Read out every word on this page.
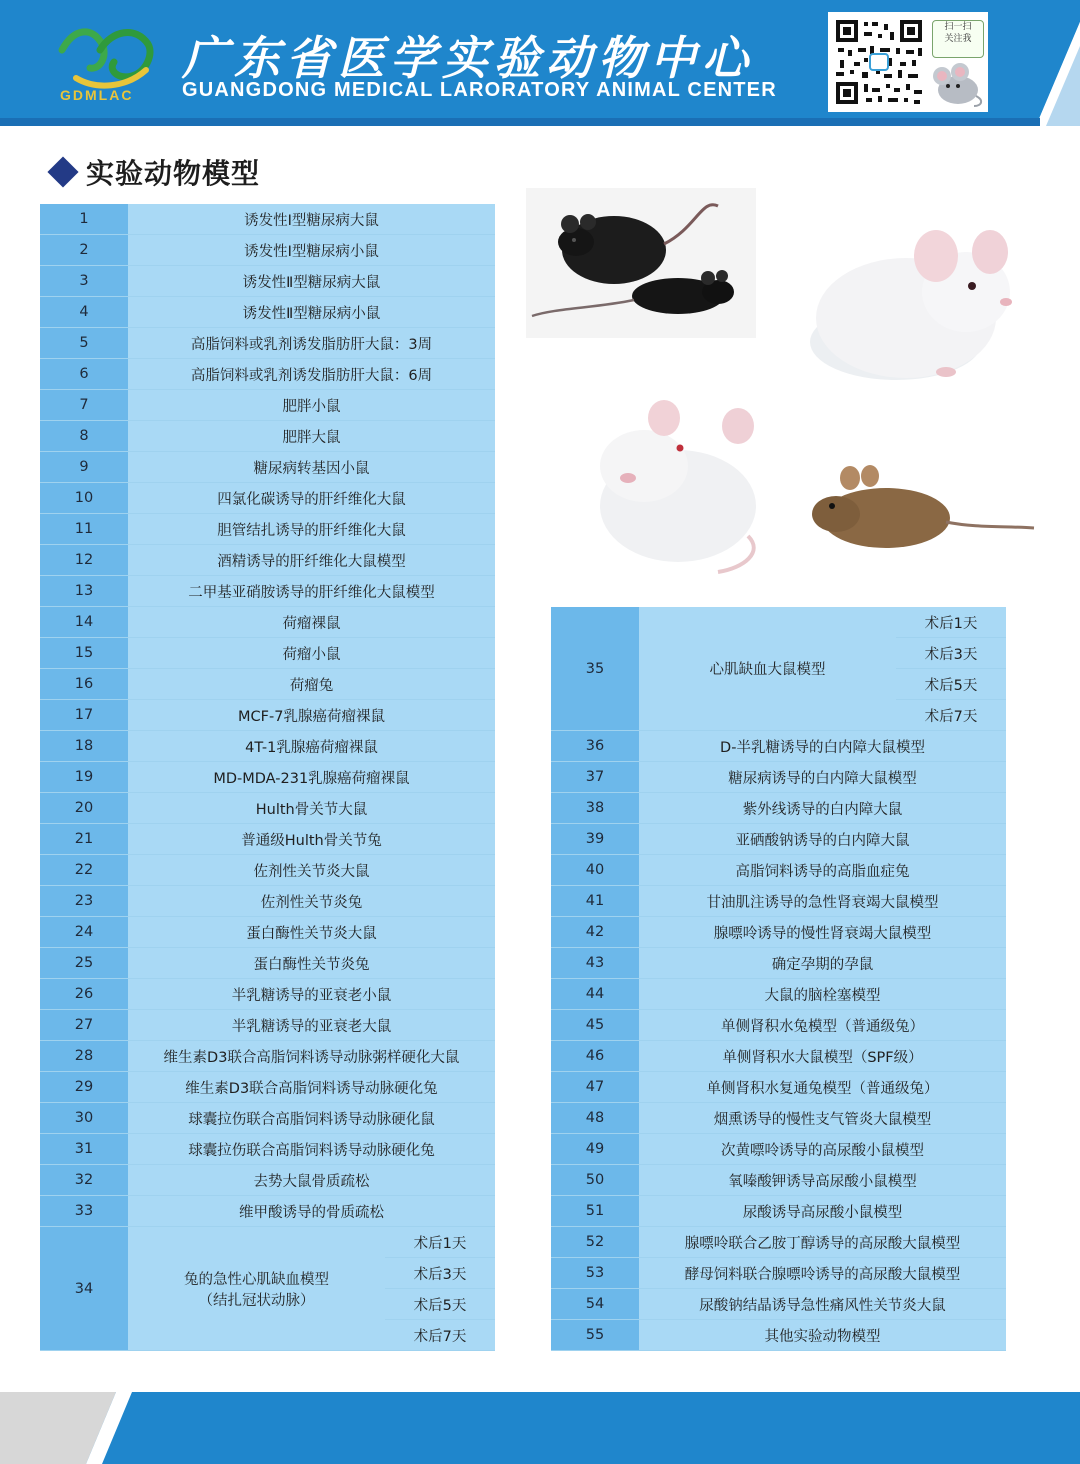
GDMLAC
广东省医学实验动物中心
GUANGDONG MEDICAL LARORATORY ANIMAL CENTER
扫一扫
关注我
实验动物模型
1	诱发性Ⅰ型糖尿病大鼠	
2	诱发性Ⅰ型糖尿病小鼠	
3	诱发性Ⅱ型糖尿病大鼠	
4	诱发性Ⅱ型糖尿病小鼠	
5	高脂饲料或乳剂诱发脂肪肝大鼠：3周	
6	高脂饲料或乳剂诱发脂肪肝大鼠：6周	
7	肥胖小鼠	
8	肥胖大鼠	
9	糖尿病转基因小鼠	
10	四氯化碳诱导的肝纤维化大鼠	
11	胆管结扎诱导的肝纤维化大鼠	
12	酒精诱导的肝纤维化大鼠模型	
13	二甲基亚硝胺诱导的肝纤维化大鼠模型	
14	荷瘤裸鼠	
15	荷瘤小鼠	
16	荷瘤兔	
17	MCF-7乳腺癌荷瘤裸鼠	
18	4T-1乳腺癌荷瘤裸鼠	
19	MD-MDA-231乳腺癌荷瘤裸鼠	
20	Hulth骨关节大鼠	
21	普通级Hulth骨关节兔	
22	佐剂性关节炎大鼠	
23	佐剂性关节炎兔	
24	蛋白酶性关节炎大鼠	
25	蛋白酶性关节炎兔	
26	半乳糖诱导的亚衰老小鼠	
27	半乳糖诱导的亚衰老大鼠	
28	维生素D3联合高脂饲料诱导动脉粥样硬化大鼠	
29	维生素D3联合高脂饲料诱导动脉硬化兔	
30	球囊拉伤联合高脂饲料诱导动脉硬化鼠	
31	球囊拉伤联合高脂饲料诱导动脉硬化兔	
32	去势大鼠骨质疏松	
33	维甲酸诱导的骨质疏松	
34	兔的急性心肌缺血模型
（结扎冠状动脉）	术后1天
		术后3天
		术后5天
		术后7天
35	心肌缺血大鼠模型	术后1天
		术后3天
		术后5天
		术后7天
36	D-半乳糖诱导的白内障大鼠模型	
37	糖尿病诱导的白内障大鼠模型	
38	紫外线诱导的白内障大鼠	
39	亚硒酸钠诱导的白内障大鼠	
40	高脂饲料诱导的高脂血症兔	
41	甘油肌注诱导的急性肾衰竭大鼠模型	
42	腺嘌呤诱导的慢性肾衰竭大鼠模型	
43	确定孕期的孕鼠	
44	大鼠的脑栓塞模型	
45	单侧肾积水兔模型（普通级兔）	
46	单侧肾积水大鼠模型（SPF级）	
47	单侧肾积水复通兔模型（普通级兔）	
48	烟熏诱导的慢性支气管炎大鼠模型	
49	次黄嘌呤诱导的高尿酸小鼠模型	
50	氧嗪酸钾诱导高尿酸小鼠模型	
51	尿酸诱导高尿酸小鼠模型	
52	腺嘌呤联合乙胺丁醇诱导的高尿酸大鼠模型	
53	酵母饲料联合腺嘌呤诱导的高尿酸大鼠模型	
54	尿酸钠结晶诱导急性痛风性关节炎大鼠	
55	其他实验动物模型	
